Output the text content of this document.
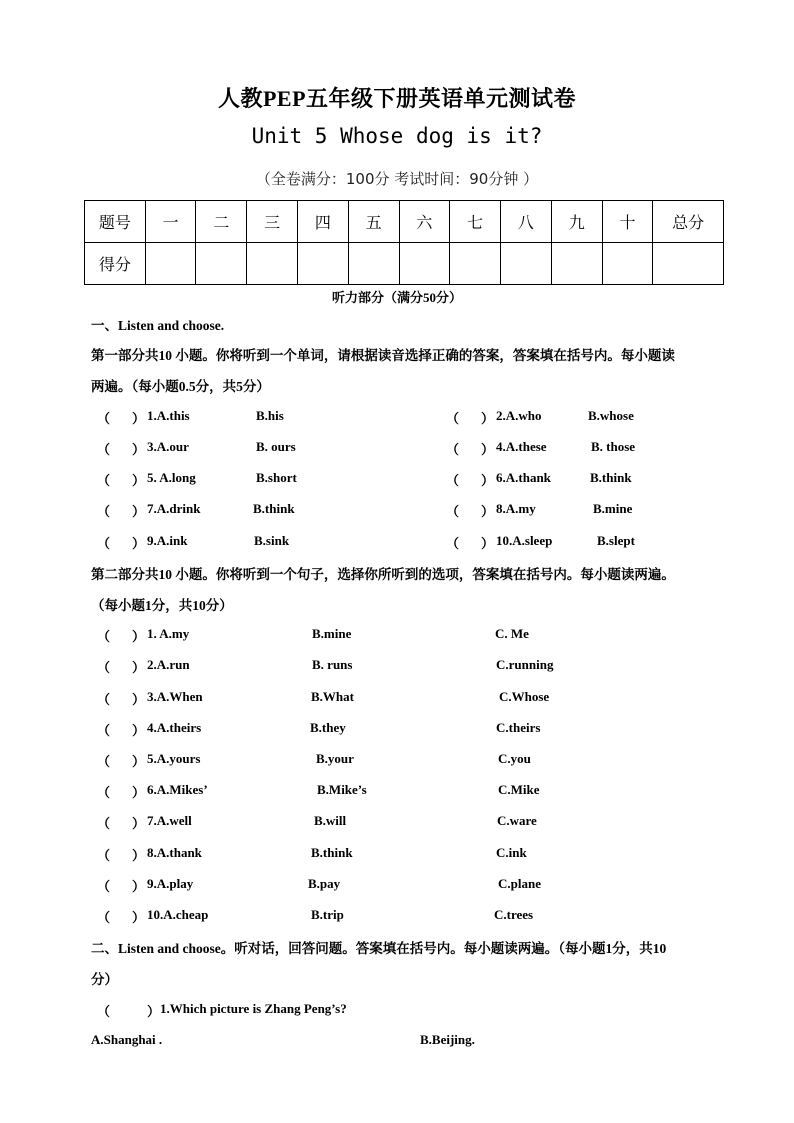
人教PEP五年级下册英语单元测试卷
Unit 5 Whose dog is it?
（全卷满分：100分 考试时间：90分钟 ）
题号	一	二	三	四	五	六	七	八	九	十	总分
得分											
听力部分（满分50分）
一、Listen and choose.
第一部分共10 小题。你将听到一个单词，请根据读音选择正确的答案，答案填在括号内。每小题读
两遍。（每小题0.5分，共5分）
（ ） 1.A.this	B.his	（ ） 2.A.who	B.whose
（ ） 3.A.our	B. ours	（ ） 4.A.these	B. those
（ ） 5. A.long	B.short	（ ） 6.A.thank	B.think
（ ） 7.A.drink	B.think	（ ） 8.A.my	B.mine
（ ） 9.A.ink	B.sink	（ ） 10.A.sleep	B.slept
第二部分共10 小题。你将听到一个句子，选择你所听到的选项，答案填在括号内。每小题读两遍。
（每小题1分，共10分）
（ ） 1. A.my	B.mine	C. Me
（ ） 2.A.run	B. runs	C.running
（ ） 3.A.When	B.What	C.Whose
（ ） 4.A.theirs	B.they	C.theirs
（ ） 5.A.yours	B.your	C.you
（ ） 6.A.Mikes’	B.Mike’s	C.Mike
（ ） 7.A.well	B.will	C.ware
（ ） 8.A.thank	B.think	C.ink
（ ） 9.A.play	B.pay	C.plane
（ ） 10.A.cheap	B.trip	C.trees
二、Listen and choose。听对话，回答问题。答案填在括号内。每小题读两遍。（每小题1分，共10
分）
（	） 1.Which picture is Zhang Peng’s?
A.Shanghai .	B.Beijing.
